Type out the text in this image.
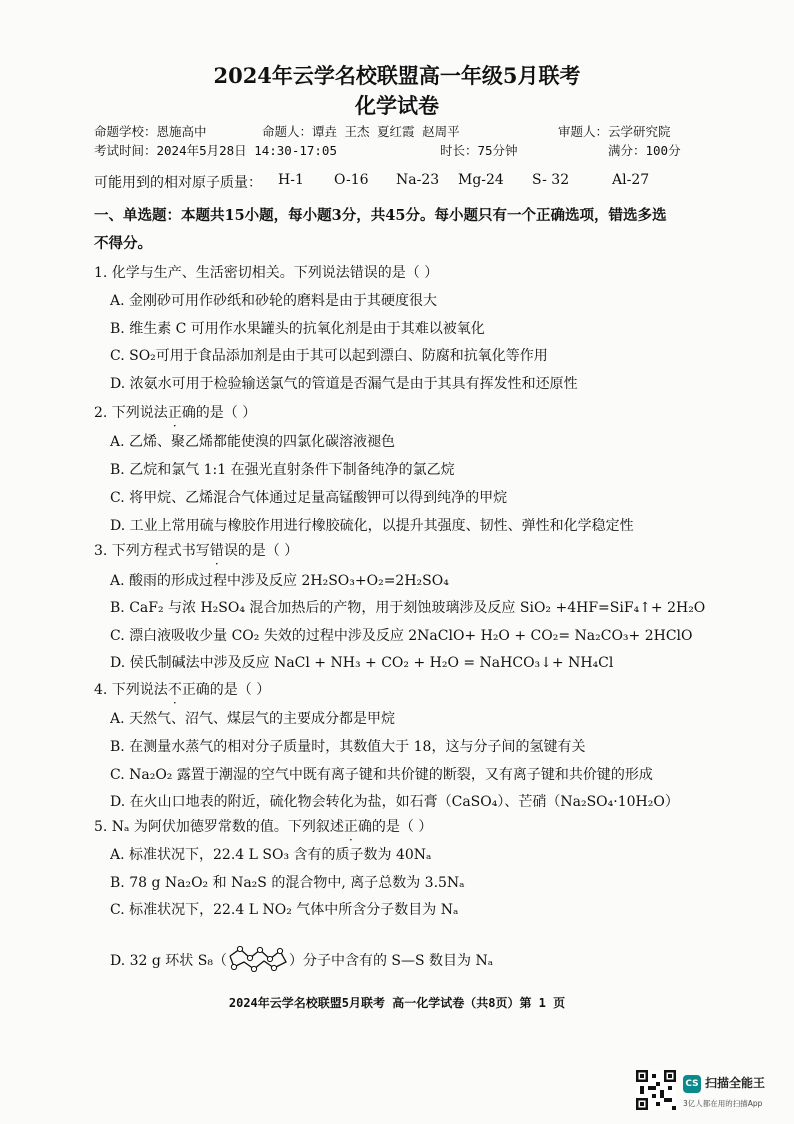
2024年云学名校联盟高一年级5月联考
化学试卷
命题学校：恩施高中	命题人：谭垚 王杰 夏红霞 赵周平	审题人：云学研究院
考试时间：2024年5月28日 14:30-17:05	时长：75分钟	满分：100分
可能用到的相对原子质量： H-1 O-16 Na-23 Mg-24 S- 32	Al-27
一、单选题：本题共15小题，每小题3分，共45分。每小题只有一个正确选项，错选多选
不得分。
1. 化学与生产、生活密切相关。下列说法错误的是（ ）
A. 金刚砂可用作砂纸和砂轮的磨料是由于其硬度很大
B. 维生素 C 可用作水果罐头的抗氧化剂是由于其难以被氧化
C. SO₂可用于食品添加剂是由于其可以起到漂白、防腐和抗氧化等作用
D. 浓氨水可用于检验输送氯气的管道是否漏气是由于其具有挥发性和还原性
2. 下列说法正确的是（ ）
A. 乙烯、聚乙烯都能使溴的四氯化碳溶液褪色
B. 乙烷和氯气 1:1 在强光直射条件下制备纯净的氯乙烷
C. 将甲烷、乙烯混合气体通过足量高锰酸钾可以得到纯净的甲烷
D. 工业上常用硫与橡胶作用进行橡胶硫化，以提升其强度、韧性、弹性和化学稳定性
3. 下列方程式书写错误的是（ ）
A. 酸雨的形成过程中涉及反应 2H₂SO₃+O₂=2H₂SO₄
B. CaF₂ 与浓 H₂SO₄ 混合加热后的产物，用于刻蚀玻璃涉及反应 SiO₂ +4HF=SiF₄↑+ 2H₂O
C. 漂白液吸收少量 CO₂ 失效的过程中涉及反应 2NaClO+ H₂O + CO₂= Na₂CO₃+ 2HClO
D. 侯氏制碱法中涉及反应 NaCl + NH₃ + CO₂ + H₂O = NaHCO₃↓+ NH₄Cl
4. 下列说法不正确的是（ ）
A. 天然气、沼气、煤层气的主要成分都是甲烷
B. 在测量水蒸气的相对分子质量时，其数值大于 18，这与分子间的氢键有关
C. Na₂O₂ 露置于潮湿的空气中既有离子键和共价键的断裂，又有离子键和共价键的形成
D. 在火山口地表的附近，硫化物会转化为盐，如石膏（CaSO₄）、芒硝（Na₂SO₄·10H₂O）
5. Nₐ 为阿伏加德罗常数的值。下列叙述正确的是（ ）
A. 标准状况下，22.4 L SO₃ 含有的质子数为 40Nₐ
B. 78 g Na₂O₂ 和 Na₂S 的混合物中, 离子总数为 3.5Nₐ
C. 标准状况下，22.4 L NO₂ 气体中所含分子数目为 Nₐ
D. 32 g 环状 S₈（	）分子中含有的 S—S 数目为 Nₐ
2024年云学名校联盟5月联考 高一化学试卷（共8页）第 1 页
CS 扫描全能王
3亿人都在用的扫描App
